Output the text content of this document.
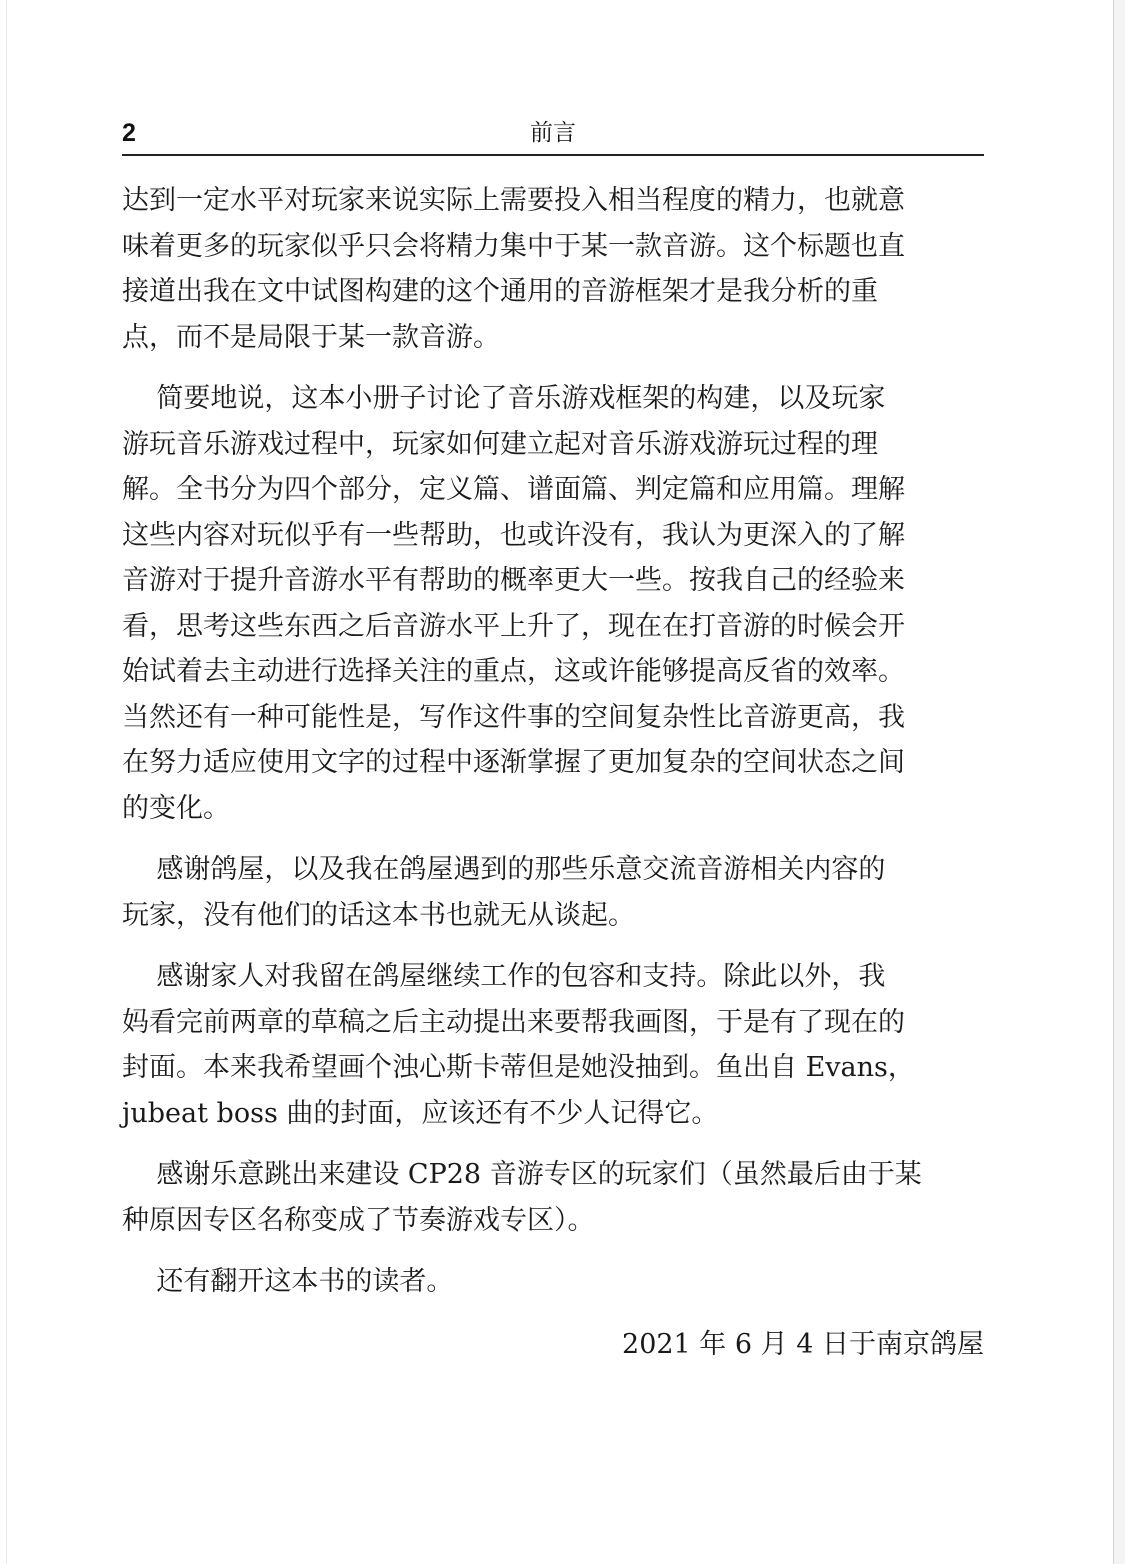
2	前言

达到一定水平对玩家来说实际上需要投入相当程度的精力，也就意
味着更多的玩家似乎只会将精力集中于某一款音游。这个标题也直
接道出我在文中试图构建的这个通用的音游框架才是我分析的重
点，而不是局限于某一款音游。

简要地说，这本小册子讨论了音乐游戏框架的构建，以及玩家
游玩音乐游戏过程中，玩家如何建立起对音乐游戏游玩过程的理
解。全书分为四个部分，定义篇、谱面篇、判定篇和应用篇。理解
这些内容对玩似乎有一些帮助，也或许没有，我认为更深入的了解
音游对于提升音游水平有帮助的概率更大一些。按我自己的经验来
看，思考这些东西之后音游水平上升了，现在在打音游的时候会开
始试着去主动进行选择关注的重点，这或许能够提高反省的效率。
当然还有一种可能性是，写作这件事的空间复杂性比音游更高，我
在努力适应使用文字的过程中逐渐掌握了更加复杂的空间状态之间
的变化。

感谢鸽屋，以及我在鸽屋遇到的那些乐意交流音游相关内容的
玩家，没有他们的话这本书也就无从谈起。

感谢家人对我留在鸽屋继续工作的包容和支持。除此以外，我
妈看完前两章的草稿之后主动提出来要帮我画图，于是有了现在的
封面。本来我希望画个浊心斯卡蒂但是她没抽到。鱼出自 Evans，
jubeat boss 曲的封面，应该还有不少人记得它。

感谢乐意跳出来建设 CP28 音游专区的玩家们（虽然最后由于某
种原因专区名称变成了节奏游戏专区）。

还有翻开这本书的读者。

2021 年 6 月 4 日于南京鸽屋
